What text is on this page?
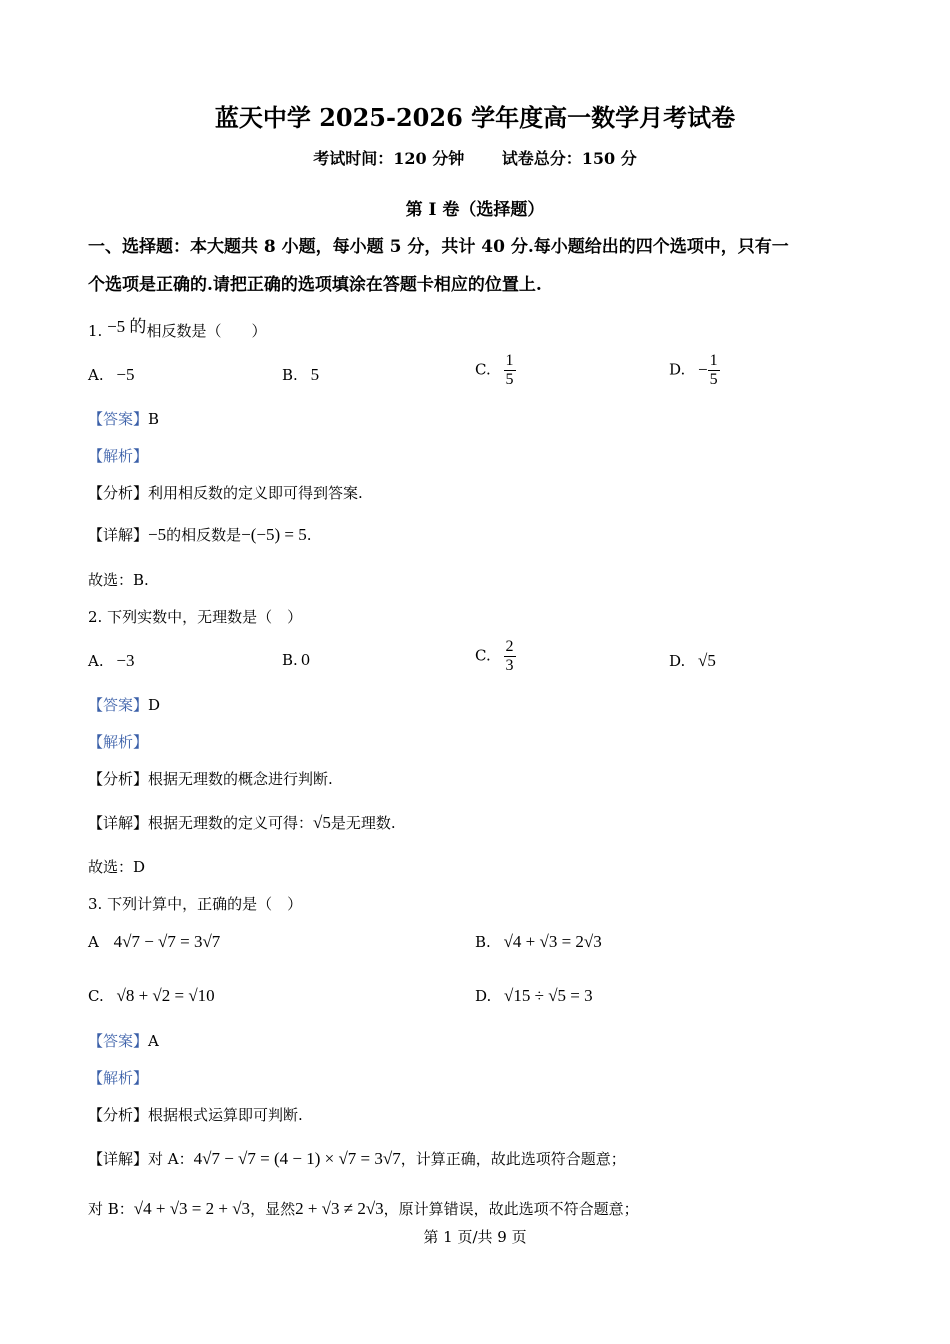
蓝天中学 2025-2026 学年度高一数学月考试卷
考试时间：120 分钟 试卷总分：150 分
第 I 卷（选择题）
一、选择题：本大题共 8 小题，每小题 5 分，共计 40 分.每小题给出的四个选项中，只有一
个选项是正确的.请把正确的选项填涂在答题卡相应的位置上.
1. −5 的相反数是（　　）
A. −5	B. 5	C. $\frac{1}{5}$	D. − $\frac{1}{5}$
【答案】B
【解析】
【分析】利用相反数的定义即可得到答案.
【详解】−5的相反数是−(−5) = 5.
故选：B.
2. 下列实数中，无理数是（　）
A. −3	B. 0	C. $\frac{2}{3}$	D. √5
【答案】D
【解析】
【分析】根据无理数的概念进行判断.
【详解】根据无理数的定义可得：√5是无理数.
故选：D
3. 下列计算中，正确的是（　）
A 4√7 − √7 = 3√7	B. √4 + √3 = 2√3
C. √8 + √2 = √10	D. √15 ÷ √5 = 3
【答案】A
【解析】
【分析】根据根式运算即可判断.
【详解】对 A：4√7 − √7 = (4 − 1) × √7 = 3√7，计算正确，故此选项符合题意；
对 B：√4 + √3 = 2 + √3，显然2 + √3 ≠ 2√3，原计算错误，故此选项不符合题意；
第 1 页/共 9 页
